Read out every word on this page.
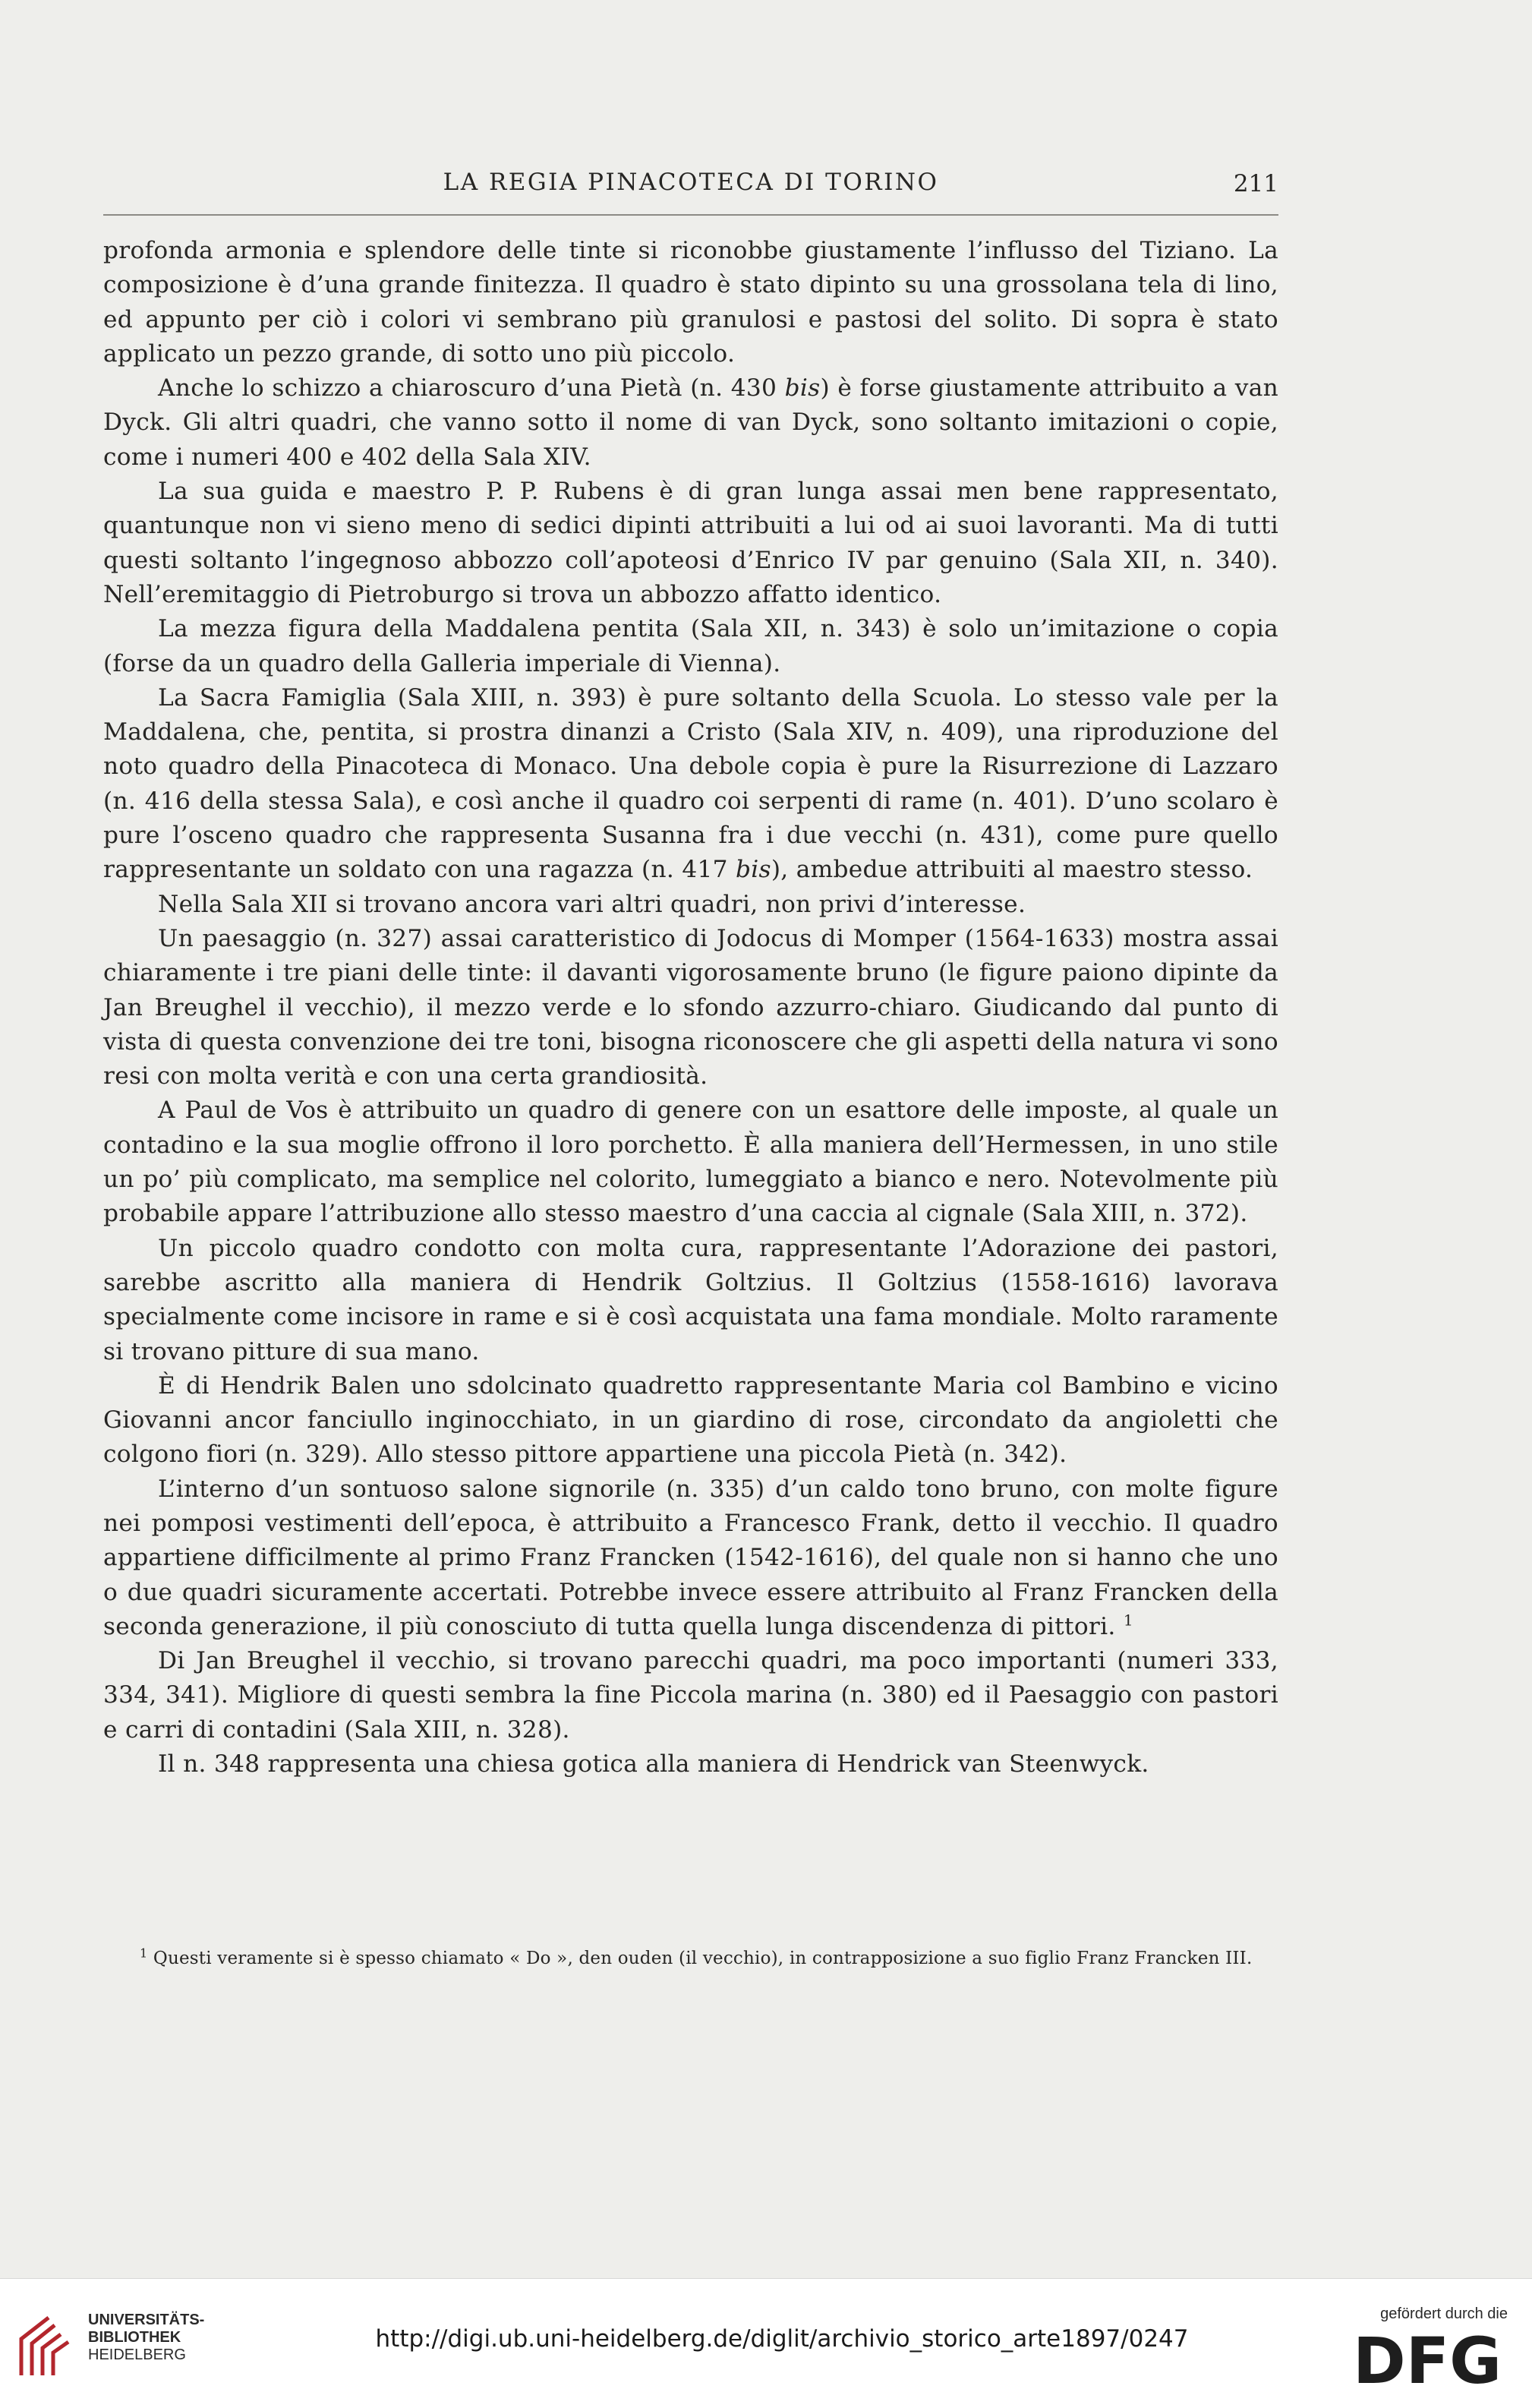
LA REGIA PINACOTECA DI TORINO	211

profonda armonia e splendore delle tinte si riconobbe giustamente l’influsso del Tiziano. La composizione è d’una grande finitezza. Il quadro è stato dipinto su una grossolana tela di lino, ed appunto per ciò i colori vi sembrano più granulosi e pastosi del solito. Di sopra è stato applicato un pezzo grande, di sotto uno più piccolo.

Anche lo schizzo a chiaroscuro d’una Pietà (n. 430 bis) è forse giustamente attribuito a van Dyck. Gli altri quadri, che vanno sotto il nome di van Dyck, sono soltanto imitazioni o copie, come i numeri 400 e 402 della Sala XIV.

La sua guida e maestro P. P. Rubens è di gran lunga assai men bene rappresentato, quantunque non vi sieno meno di sedici dipinti attribuiti a lui od ai suoi lavoranti. Ma di tutti questi soltanto l’ingegnoso abbozzo coll’apoteosi d’Enrico IV par genuino (Sala XII, n. 340). Nell’eremitaggio di Pietroburgo si trova un abbozzo affatto identico.

La mezza figura della Maddalena pentita (Sala XII, n. 343) è solo un’imitazione o copia (forse da un quadro della Galleria imperiale di Vienna).

La Sacra Famiglia (Sala XIII, n. 393) è pure soltanto della Scuola. Lo stesso vale per la Maddalena, che, pentita, si prostra dinanzi a Cristo (Sala XIV, n. 409), una riproduzione del noto quadro della Pinacoteca di Monaco. Una debole copia è pure la Risurrezione di Lazzaro (n. 416 della stessa Sala), e così anche il quadro coi serpenti di rame (n. 401). D’uno scolaro è pure l’osceno quadro che rappresenta Susanna fra i due vecchi (n. 431), come pure quello rappresentante un soldato con una ragazza (n. 417 bis), ambedue attribuiti al maestro stesso.

Nella Sala XII si trovano ancora vari altri quadri, non privi d’interesse.

Un paesaggio (n. 327) assai caratteristico di Jodocus di Momper (1564-1633) mostra assai chiaramente i tre piani delle tinte: il davanti vigorosamente bruno (le figure paiono dipinte da Jan Breughel il vecchio), il mezzo verde e lo sfondo azzurro-chiaro. Giudicando dal punto di vista di questa convenzione dei tre toni, bisogna riconoscere che gli aspetti della natura vi sono resi con molta verità e con una certa grandiosità.

A Paul de Vos è attribuito un quadro di genere con un esattore delle imposte, al quale un contadino e la sua moglie offrono il loro porchetto. È alla maniera dell’Hermessen, in uno stile un po’ più complicato, ma semplice nel colorito, lumeggiato a bianco e nero. Notevolmente più probabile appare l’attribuzione allo stesso maestro d’una caccia al cignale (Sala XIII, n. 372).

Un piccolo quadro condotto con molta cura, rappresentante l’Adorazione dei pastori, sarebbe ascritto alla maniera di Hendrik Goltzius. Il Goltzius (1558-1616) lavorava specialmente come incisore in rame e si è così acquistata una fama mondiale. Molto raramente si trovano pitture di sua mano.

È di Hendrik Balen uno sdolcinato quadretto rappresentante Maria col Bambino e vicino Giovanni ancor fanciullo inginocchiato, in un giardino di rose, circondato da angioletti che colgono fiori (n. 329). Allo stesso pittore appartiene una piccola Pietà (n. 342).

L’interno d’un sontuoso salone signorile (n. 335) d’un caldo tono bruno, con molte figure nei pomposi vestimenti dell’epoca, è attribuito a Francesco Frank, detto il vecchio. Il quadro appartiene difficilmente al primo Franz Francken (1542-1616), del quale non si hanno che uno o due quadri sicuramente accertati. Potrebbe invece essere attribuito al Franz Francken della seconda generazione, il più conosciuto di tutta quella lunga discendenza di pittori. $^1$

Di Jan Breughel il vecchio, si trovano parecchi quadri, ma poco importanti (numeri 333, 334, 341). Migliore di questi sembra la fine Piccola marina (n. 380) ed il Paesaggio con pastori e carri di contadini (Sala XIII, n. 328).

Il n. 348 rappresenta una chiesa gotica alla maniera di Hendrick van Steenwyck.

$^1$ Questi veramente si è spesso chiamato « Do », den ouden (il vecchio), in contrapposizione a suo figlio Franz Francken III.

UNIVERSITÄTS-
BIBLIOTHEK
HEIDELBERG
http://digi.ub.uni-heidelberg.de/diglit/archivio_storico_arte1897/0247
gefördert durch die
DFG
